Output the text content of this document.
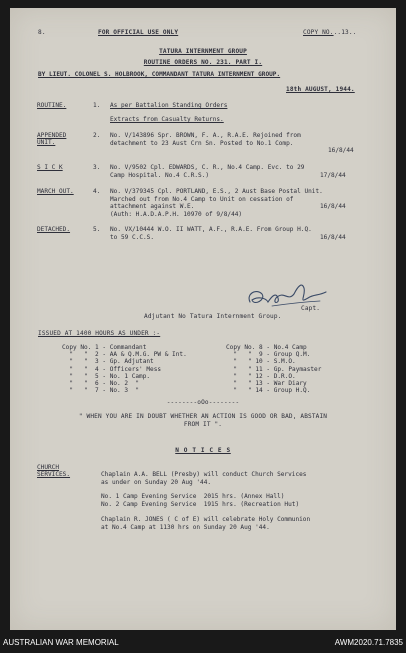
8.	FOR OFFICIAL USE ONLY	COPY NO...13..
TATURA INTERNMENT GROUP
ROUTINE ORDERS NO. 231. PART I.
BY LIEUT. COLONEL S. HOLBROOK, COMMANDANT TATURA INTERNMENT GROUP.
18th AUGUST, 1944.
ROUTINE.	1. As per Battalion Standing Orders
Extracts from Casualty Returns.
APPENDED
UNIT.
2. No. V/143896 Spr. BROWN, F. A., R.A.E. Rejoined from
detachment to 23 Aust Crn Sn. Posted to No.1 Comp.
16/8/44
S I C K	3. No. V/9502 Cpl. EDWARDS, C. R., No.4 Camp. Evc. to 29
Camp Hospital. No.4 C.R.S.)	17/8/44
MARCH OUT.	4. No. V/379345 Cpl. PORTLAND, E.S., 2 Aust Base Postal Unit.
Marched out from No.4 Camp to Unit on cessation of
attachment against W.E.
(Auth: H.A.D.A.P.H. 10970 of 9/8/44)
16/8/44
DETACHED.	5. No. VX/10444 W.O. II WATT, A.F., R.A.E. From Group H.Q.
to 59 C.C.S.	16/8/44
Capt.
Adjutant No Tatura Internment Group.
ISSUED AT 1400 HOURS AS UNDER :-
Copy No. 1 - Commandant
"   "  2 - AA & Q.M.G. PW & Int.
"   "  3 - Gp. Adjutant
"   "  4 - Officers' Mess
"   "  5 - No. 1 Camp.
"   "  6 - No. 2  "
"   "  7 - No. 3  "
Copy No. 8 - No.4 Camp
"   "  9 - Group Q.M.
"   " 10 - S.M.O.
"   " 11 - Gp. Paymaster
"   " 12 - D.R.O.
"   " 13 - War Diary
"   " 14 - Group H.Q.
--------oOo--------
" WHEN YOU ARE IN DOUBT WHETHER AN ACTION IS GOOD OR BAD, ABSTAIN
FROM IT ".
N O T I C E S
CHURCH
SERVICES.	Chaplain A.A. BELL (Presby) will conduct Church Services
as under on Sunday 20 Aug '44.
No. 1 Camp Evening Service  2015 hrs. (Annex Hall)
No. 2 Camp Evening Service  1915 hrs. (Recreation Hut)
Chaplain R. JONES ( C of E) will celebrate Holy Communion
at No.4 Camp at 1130 hrs on Sunday 20 Aug '44.
AUSTRALIAN WAR MEMORIAL	AWM2020.71.7835
